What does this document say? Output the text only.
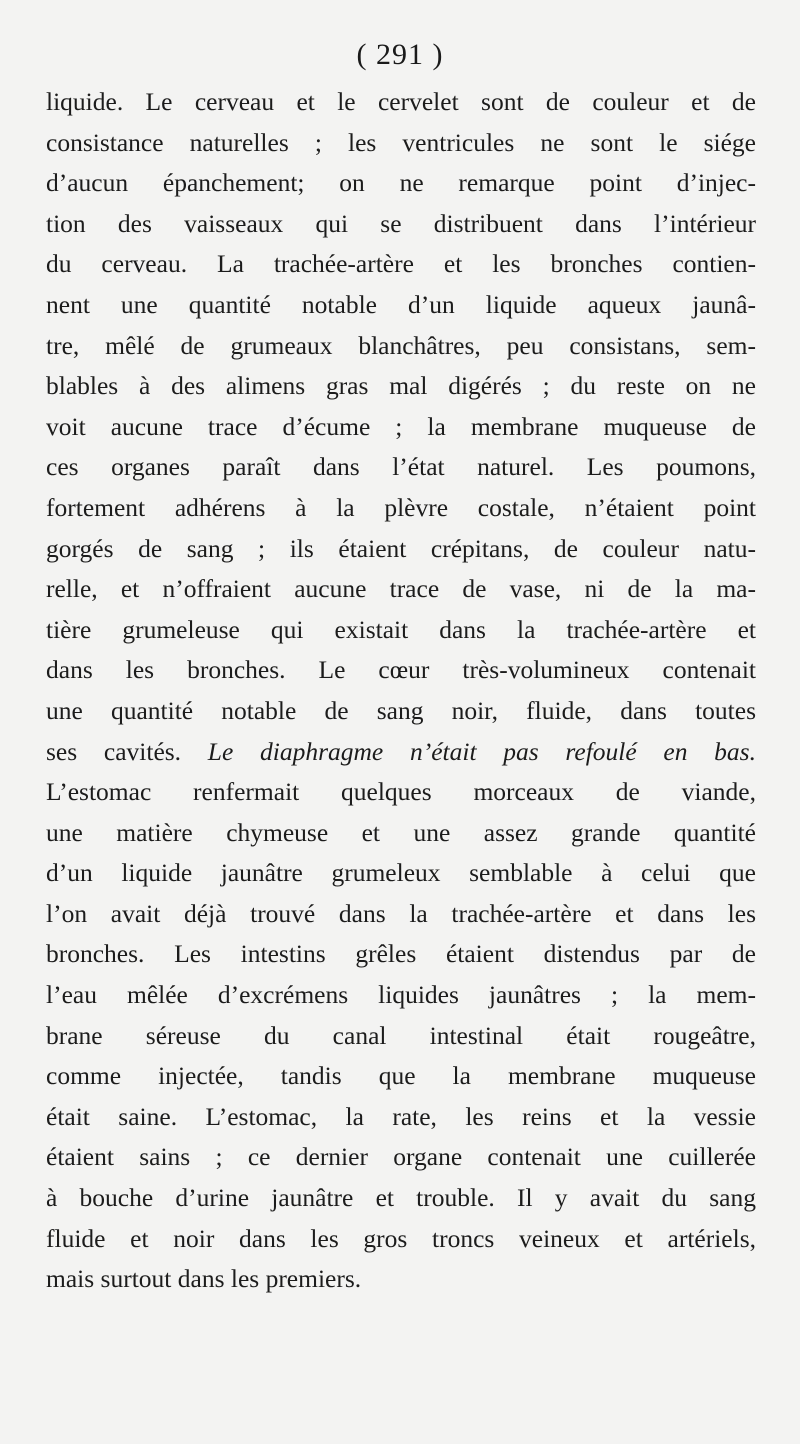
( 291 )
liquide. Le cerveau et le cervelet sont de couleur et de
consistance naturelles ; les ventricules ne sont le siége
d’aucun épanchement; on ne remarque point d’injec-
tion des vaisseaux qui se distribuent dans l’intérieur
du cerveau. La trachée-artère et les bronches contien-
nent une quantité notable d’un liquide aqueux jaunâ-
tre, mêlé de grumeaux blanchâtres, peu consistans, sem-
blables à des alimens gras mal digérés ; du reste on ne
voit aucune trace d’écume ; la membrane muqueuse de
ces organes paraît dans l’état naturel. Les poumons,
fortement adhérens à la plèvre costale, n’étaient point
gorgés de sang ; ils étaient crépitans, de couleur natu-
relle, et n’offraient aucune trace de vase, ni de la ma-
tière grumeleuse qui existait dans la trachée-artère et
dans les bronches. Le cœur très-volumineux contenait
une quantité notable de sang noir, fluide, dans toutes
ses cavités. Le diaphragme n’était pas refoulé en bas.
L’estomac renfermait quelques morceaux de viande,
une matière chymeuse et une assez grande quantité
d’un liquide jaunâtre grumeleux semblable à celui que
l’on avait déjà trouvé dans la trachée-artère et dans les
bronches. Les intestins grêles étaient distendus par de
l’eau mêlée d’excrémens liquides jaunâtres ; la mem-
brane séreuse du canal intestinal était rougeâtre,
comme injectée, tandis que la membrane muqueuse
était saine. L’estomac, la rate, les reins et la vessie
étaient sains ; ce dernier organe contenait une cuillerée
à bouche d’urine jaunâtre et trouble. Il y avait du sang
fluide et noir dans les gros troncs veineux et artériels,
mais surtout dans les premiers.
